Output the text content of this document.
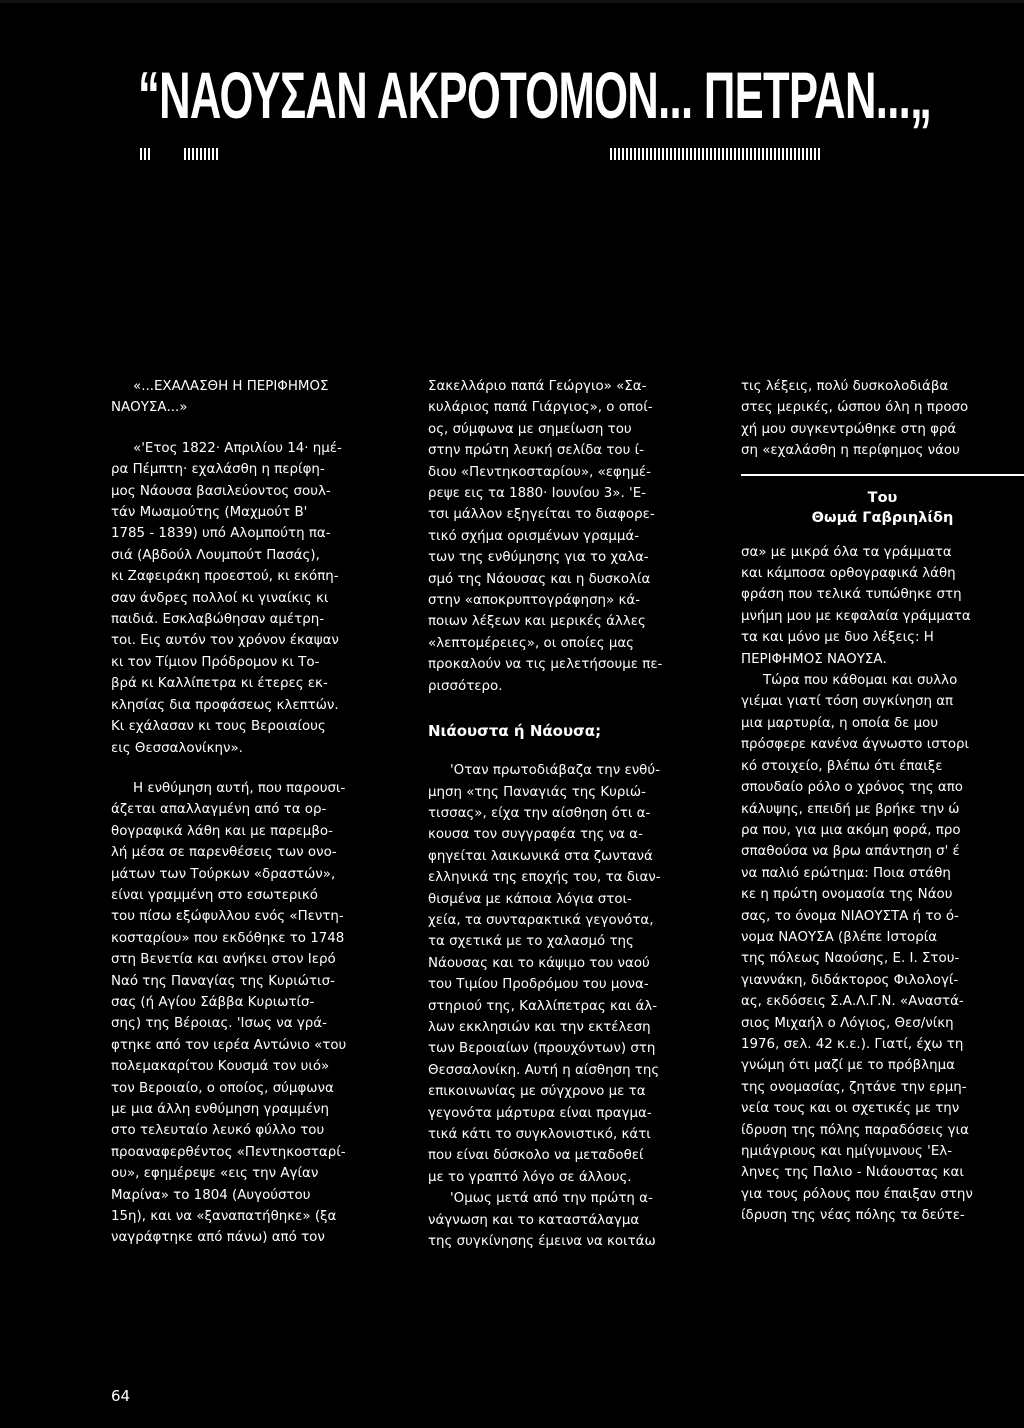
“ΝΑΟΥΣΑΝ ΑΚΡΟΤΟΜΟΝ... ΠΕΤΡΑΝ...„

«...ΕΧΑΛΑΣΘΗ Η ΠΕΡΙΦΗΜΟΣ

ΝΑΟΥΣΑ...»

«'Ετος 1822· Απριλίου 14· ημέ-

ρα Πέμπτη· εχαλάσθη η περίφη-

μος Νάουσα βασιλεύοντος σουλ-

τάν Μωαμούτης (Μαχμούτ Β'

1785 - 1839) υπό Αλομπούτη πα-

σιά (Αβδούλ Λουμπούτ Πασάς),

κι Ζαφειράκη προεστού, κι εκόπη-

σαν άνδρες πολλοί κι γιναίκις κι

παιδιά. Εσκλαβώθησαν αμέτρη-

τοι. Εις αυτόν τον χρόνον έκαψαν

κι τον Τίμιον Πρόδρομον κι Το-

βρά κι Καλλίπετρα κι έτερες εκ-

κλησίας δια προφάσεως κλεπτών.

Κι εχάλασαν κι τους Βεροιαίους

εις Θεσσαλονίκην».

Η ενθύμηση αυτή, που παρουσι-

άζεται απαλλαγμένη από τα ορ-

θογραφικά λάθη και με παρεμβο-

λή μέσα σε παρενθέσεις των ονο-

μάτων των Τούρκων «δραστών»,

είναι γραμμένη στο εσωτερικό

του πίσω εξώφυλλου ενός «Πεντη-

κοσταρίου» που εκδόθηκε το 1748

στη Βενετία και ανήκει στον Ιερό

Ναό της Παναγίας της Κυριώτισ-

σας (ή Αγίου Σάββα Κυριωτίσ-

σης) της Βέροιας. 'Ισως να γρά-

φτηκε από τον ιερέα Αντώνιο «του

πολεμακαρίτου Κουσμά τον υιό»

τον Βεροιαίο, ο οποίος, σύμφωνα

με μια άλλη ενθύμηση γραμμένη

στο τελευταίο λευκό φύλλο του

προαναφερθέντος «Πεντηκοσταρί-

ου», εφημέρεψε «εις την Αγίαν

Μαρίνα» το 1804 (Αυγούστου

15η), και να «ξαναπατήθηκε» (ξα

ναγράφτηκε από πάνω) από τον

Σακελλάριο παπά Γεώργιο» «Σα-

κυλάριος παπά Γιάργιος», ο οποί-

ος, σύμφωνα με σημείωση του

στην πρώτη λευκή σελίδα του ί-

διου «Πεντηκοσταρίου», «εφημέ-

ρεψε εις τα 1880· Ιουνίου 3». 'Ε-

τσι μάλλον εξηγείται το διαφορε-

τικό σχήμα ορισμένων γραμμά-

των της ενθύμησης για το χαλα-

σμό της Νάουσας και η δυσκολία

στην «αποκρυπτογράφηση» κά-

ποιων λέξεων και μερικές άλλες

«λεπτομέρειες», οι οποίες μας

προκαλούν να τις μελετήσουμε πε-

ρισσότερο.

Νιάουστα ή Νάουσα;

'Οταν πρωτοδιάβαζα την ενθύ-

μηση «της Παναγιάς της Κυριώ-

τισσας», είχα την αίσθηση ότι α-

κουσα τον συγγραφέα της να α-

φηγείται λαικωνικά στα ζωντανά

ελληνικά της εποχής του, τα διαν-

θισμένα με κάποια λόγια στοι-

χεία, τα συνταρακτικά γεγονότα,

τα σχετικά με το χαλασμό της

Νάουσας και το κάψιμο του ναού

του Τιμίου Προδρόμου του μονα-

στηριού της, Καλλίπετρας και άλ-

λων εκκλησιών και την εκτέλεση

των Βεροιαίων (προυχόντων) στη

Θεσσαλονίκη. Αυτή η αίσθηση της

επικοινωνίας με σύγχρονο με τα

γεγονότα μάρτυρα είναι πραγμα-

τικά κάτι το συγκλονιστικό, κάτι

που είναι δύσκολο να μεταδοθεί

με το γραπτό λόγο σε άλλους.

'Ομως μετά από την πρώτη α-

νάγνωση και το καταστάλαγμα

της συγκίνησης έμεινα να κοιτάω

τις λέξεις, πολύ δυσκολοδιάβα

στες μερικές, ώσπου όλη η προσο

χή μου συγκεντρώθηκε στη φρά

ση «εχαλάσθη η περίφημος νάου

Του
Θωμά Γαβριηλίδη

σα» με μικρά όλα τα γράμματα

και κάμποσα ορθογραφικά λάθη

φράση που τελικά τυπώθηκε στη

μνήμη μου με κεφαλαία γράμματα

τα και μόνο με δυο λέξεις: Η

ΠΕΡΙΦΗΜΟΣ ΝΑΟΥΣΑ.

Τώρα που κάθομαι και συλλο

γιέμαι γιατί τόση συγκίνηση απ

μια μαρτυρία, η οποία δε μου

πρόσφερε κανένα άγνωστο ιστορι

κό στοιχείο, βλέπω ότι έπαιξε

σπουδαίο ρόλο ο χρόνος της απο

κάλυψης, επειδή με βρήκε την ώ

ρα που, για μια ακόμη φορά, προ

σπαθούσα να βρω απάντηση σ' έ

να παλιό ερώτημα: Ποια στάθη

κε η πρώτη ονομασία της Νάου

σας, το όνομα ΝΙΑΟΥΣΤΑ ή το ό-

νομα ΝΑΟΥΣΑ (βλέπε Ιστορία

της πόλεως Ναούσης, Ε. Ι. Στου-

γιαννάκη, διδάκτορος Φιλολογί-

ας, εκδόσεις Σ.Α.Λ.Γ.Ν. «Αναστά-

σιος Μιχαήλ ο Λόγιος, Θεσ/νίκη

1976, σελ. 42 κ.ε.). Γιατί, έχω τη

γνώμη ότι μαζί με το πρόβλημα

της ονομασίας, ζητάνε την ερμη-

νεία τους και οι σχετικές με την

ίδρυση της πόλης παραδόσεις για

ημιάγριους και ημίγυμνους 'Ελ-

ληνες της Παλιο - Νιάουστας και

για τους ρόλους που έπαιξαν στην

ίδρυση της νέας πόλης τα δεύτε-

64
